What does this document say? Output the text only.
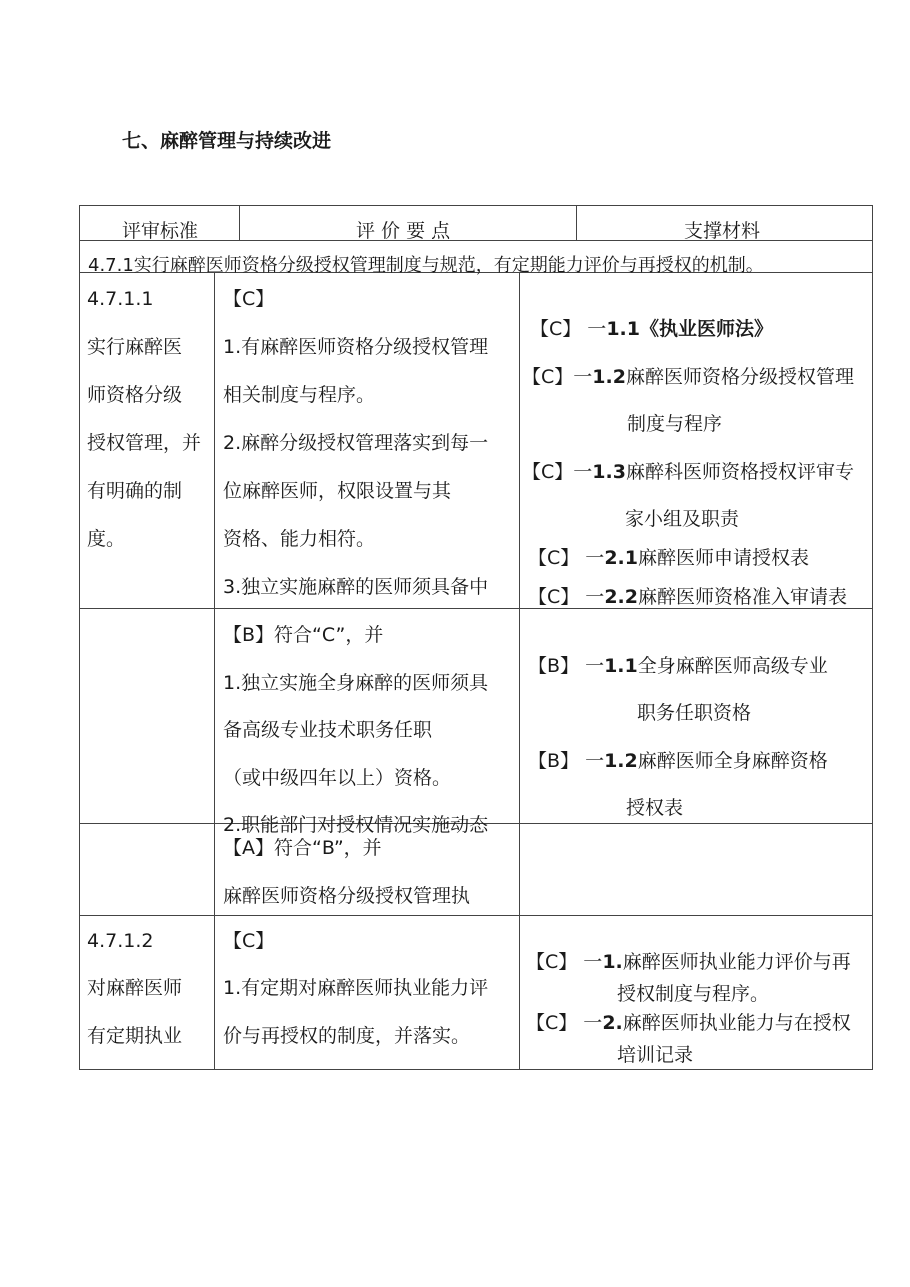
七、麻醉管理与持续改进
评审标准	评 价 要 点	支撑材料
4.7.1实行麻醉医师资格分级授权管理制度与规范，有定期能力评价与再授权的机制。
4.7.1.1
实行麻醉医
师资格分级
授权管理，并
有明确的制
度。
【C】
1.有麻醉医师资格分级授权管理
相关制度与程序。
2.麻醉分级授权管理落实到每一
位麻醉医师，权限设置与其
资格、能力相符。
3.独立实施麻醉的医师须具备中
【C】 一1.1《执业医师法》
【C】一1.2麻醉医师资格分级授权管理
制度与程序
【C】一1.3麻醉科医师资格授权评审专
家小组及职责
【C】 一2.1麻醉医师申请授权表
【C】 一2.2麻醉医师资格准入审请表
【B】符合“C”，并
1.独立实施全身麻醉的医师须具
备高级专业技术职务任职
（或中级四年以上）资格。
2.职能部门对授权情况实施动态
【B】 一1.1全身麻醉医师高级专业
职务任职资格
【B】 一1.2麻醉医师全身麻醉资格
授权表
【A】符合“B”，并
麻醉医师资格分级授权管理执
4.7.1.2
对麻醉医师
有定期执业
【C】
1.有定期对麻醉医师执业能力评
价与再授权的制度，并落实。
【C】 一1.麻醉医师执业能力评价与再
授权制度与程序。
【C】 一2.麻醉医师执业能力与在授权
培训记录
